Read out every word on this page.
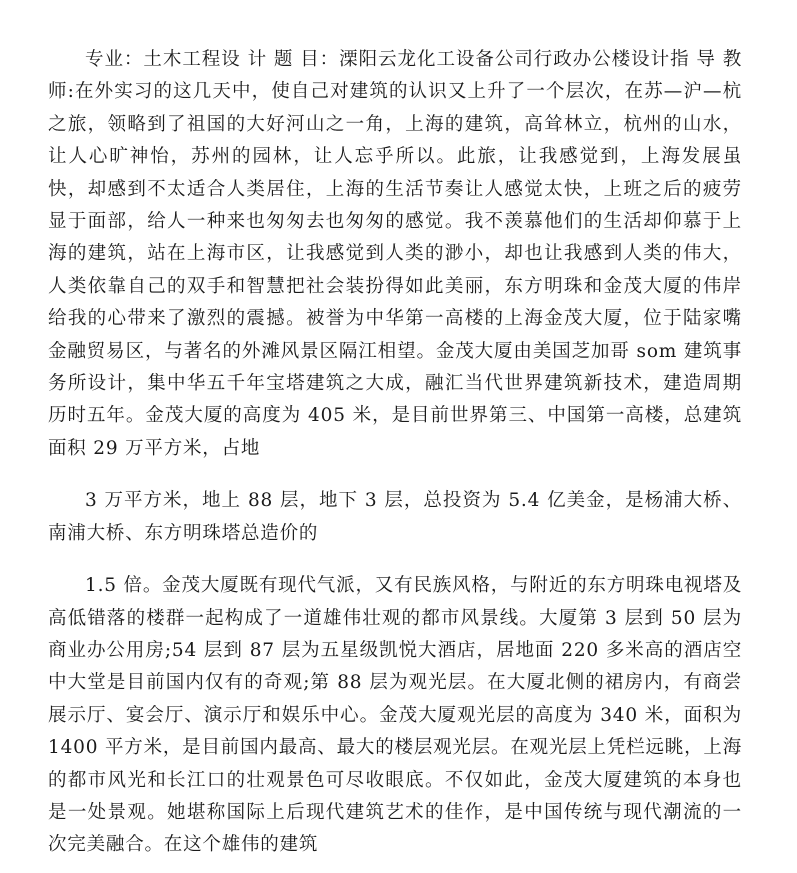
专业：土木工程设 计 题 目：溧阳云龙化工设备公司行政办公楼设计指 导 教师:在外实习的这几天中，使自己对建筑的认识又上升了一个层次，在苏—沪—杭之旅，领略到了祖国的大好河山之一角，上海的建筑，高耸林立，杭州的山水，让人心旷神怡，苏州的园林，让人忘乎所以。此旅，让我感觉到，上海发展虽快，却感到不太适合人类居住，上海的生活节奏让人感觉太快，上班之后的疲劳显于面部，给人一种来也匆匆去也匆匆的感觉。我不羡慕他们的生活却仰慕于上海的建筑，站在上海市区，让我感觉到人类的渺小，却也让我感到人类的伟大，人类依靠自己的双手和智慧把社会装扮得如此美丽，东方明珠和金茂大厦的伟岸给我的心带来了激烈的震撼。被誉为中华第一高楼的上海金茂大厦，位于陆家嘴金融贸易区，与著名的外滩风景区隔江相望。金茂大厦由美国芝加哥 som 建筑事务所设计，集中华五千年宝塔建筑之大成，融汇当代世界建筑新技术，建造周期历时五年。金茂大厦的高度为 405 米，是目前世界第三、中国第一高楼，总建筑面积 29 万平方米，占地

3 万平方米，地上 88 层，地下 3 层，总投资为 5.4 亿美金，是杨浦大桥、南浦大桥、东方明珠塔总造价的

1.5 倍。金茂大厦既有现代气派，又有民族风格，与附近的东方明珠电视塔及高低错落的楼群一起构成了一道雄伟壮观的都市风景线。大厦第 3 层到 50 层为商业办公用房;54 层到 87 层为五星级凯悦大酒店，居地面 220 多米高的酒店空中大堂是目前国内仅有的奇观;第 88 层为观光层。在大厦北侧的裙房内，有商尝展示厅、宴会厅、演示厅和娱乐中心。金茂大厦观光层的高度为 340 米，面积为 1400 平方米，是目前国内最高、最大的楼层观光层。在观光层上凭栏远眺，上海的都市风光和长江口的壮观景色可尽收眼底。不仅如此，金茂大厦建筑的本身也是一处景观。她堪称国际上后现代建筑艺术的佳作，是中国传统与现代潮流的一次完美融合。在这个雄伟的建筑
